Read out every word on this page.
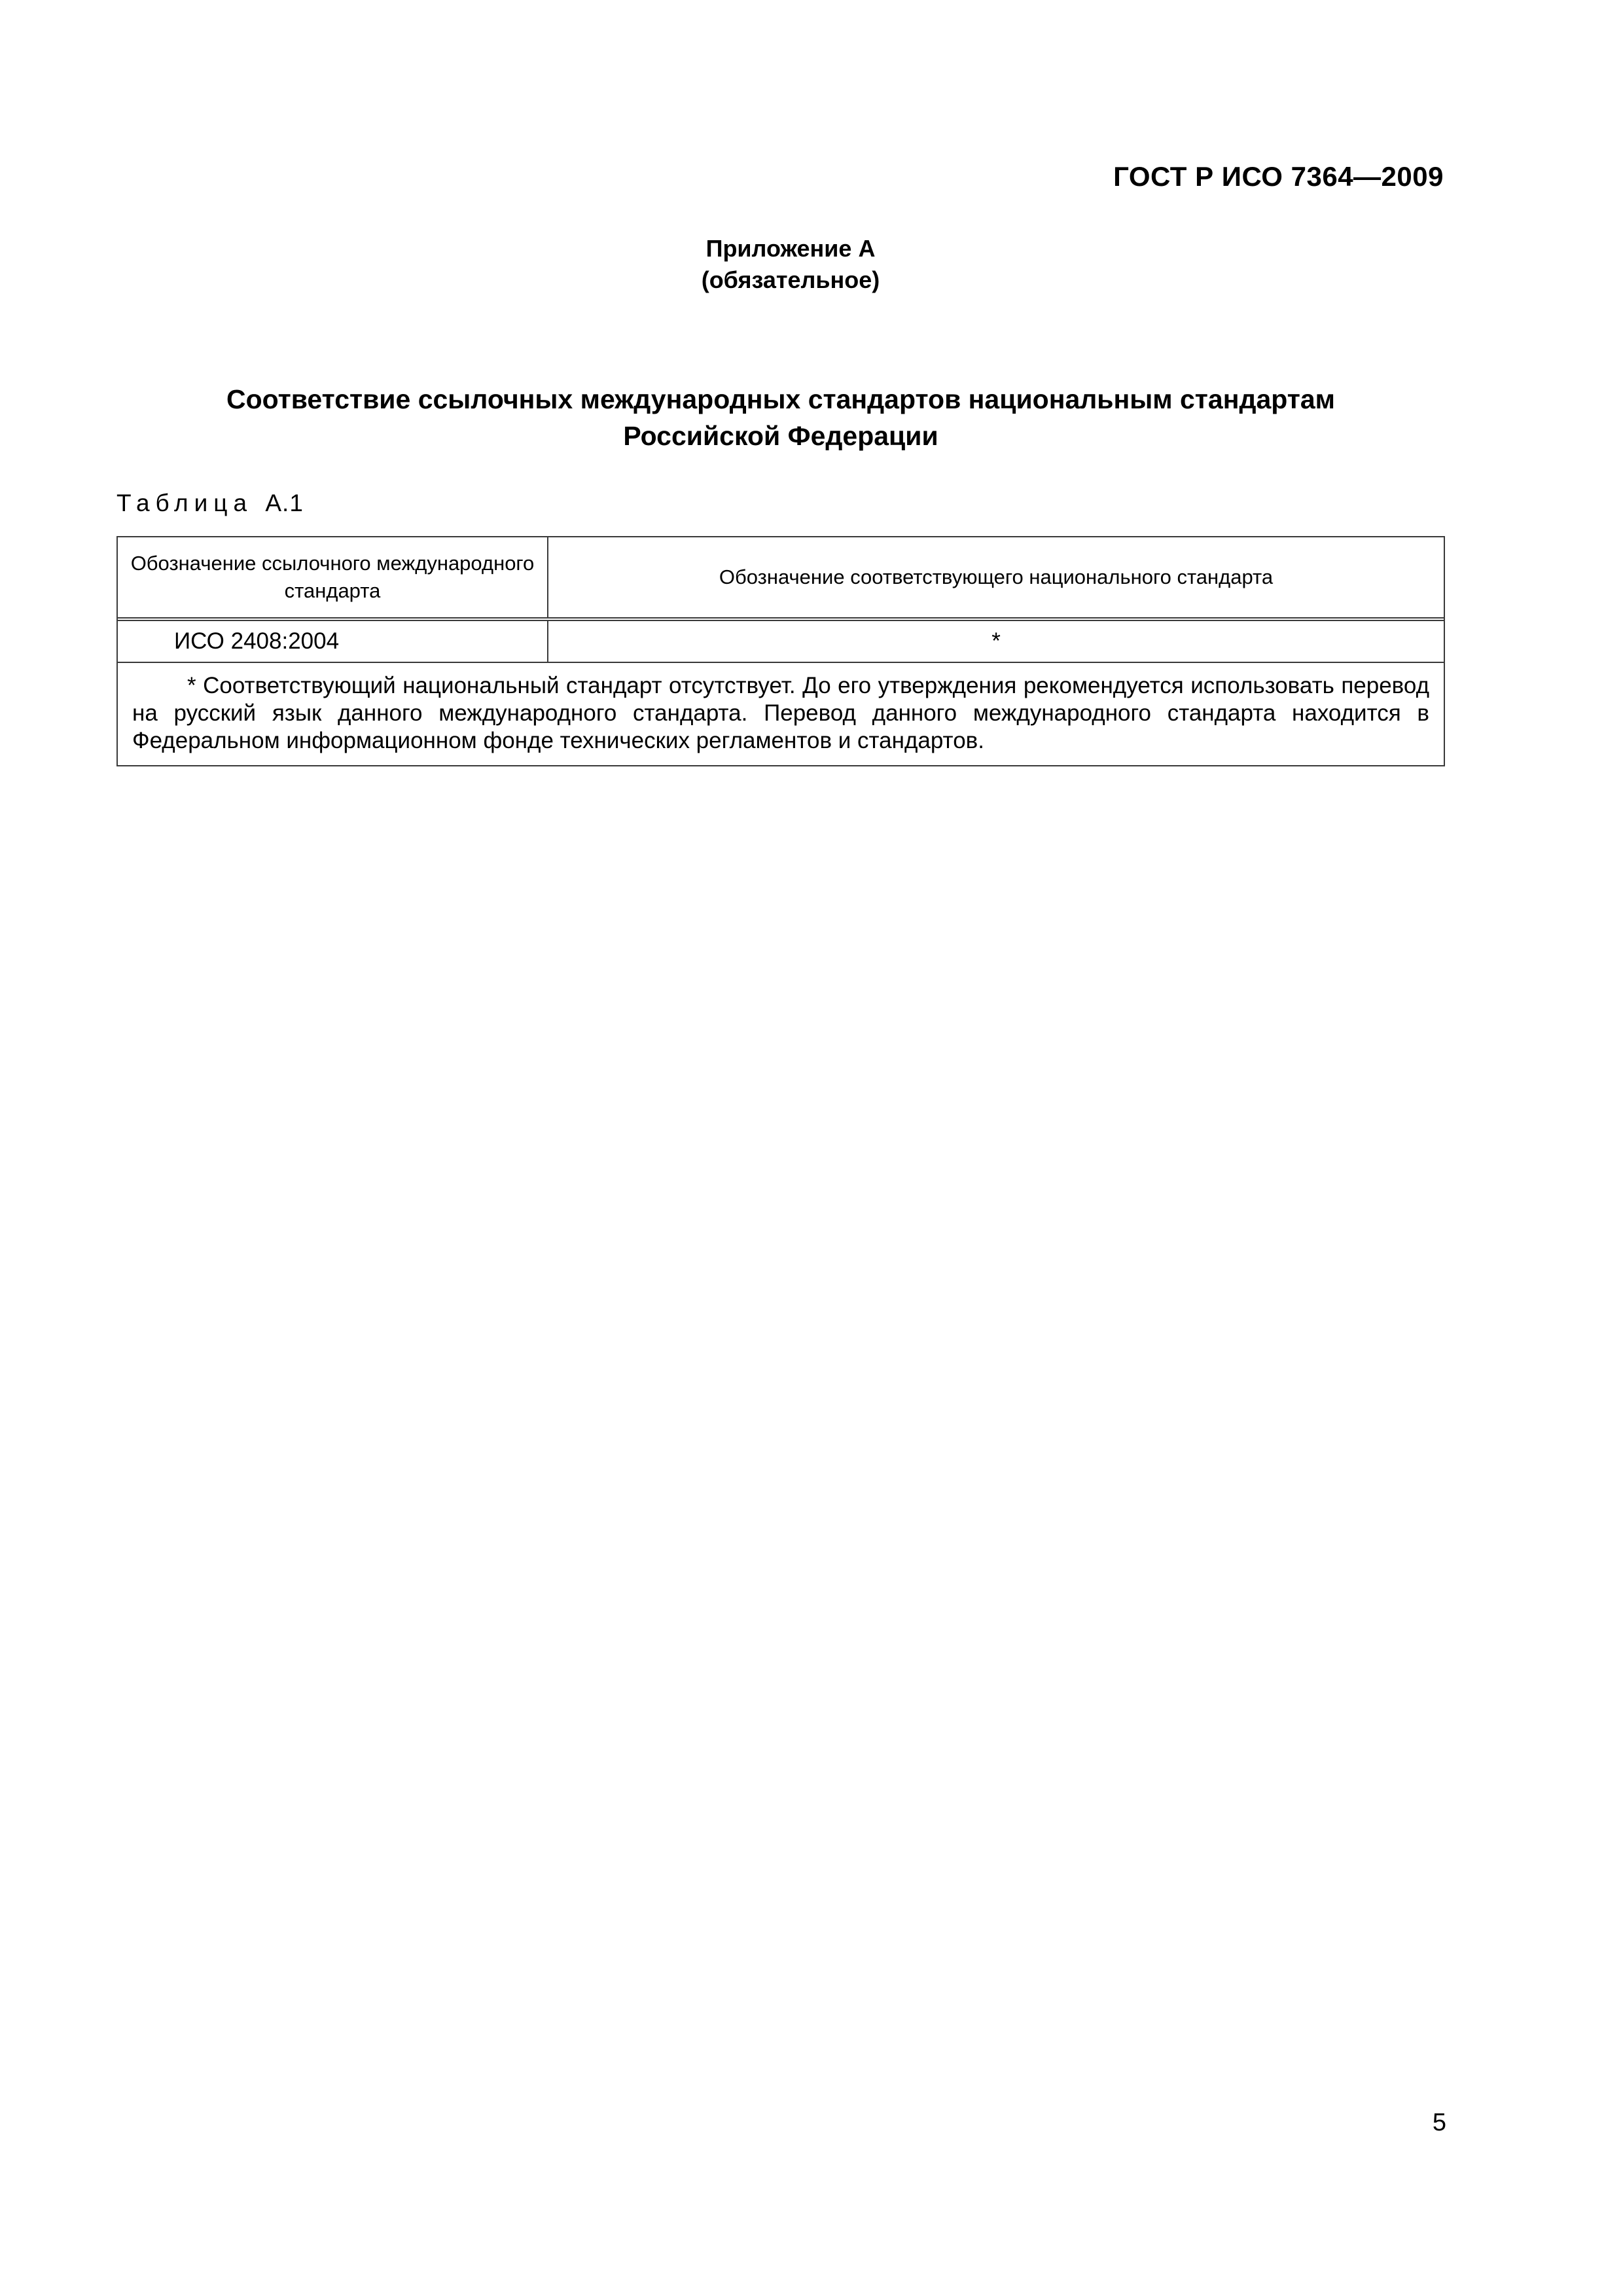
ГОСТ Р ИСО 7364—2009
Приложение А
(обязательное)
Соответствие ссылочных международных стандартов национальным стандартам
Российской Федерации
Таблица А.1
Обозначение ссылочного международного стандарта
Обозначение соответствующего национального стандарта
ИСО 2408:2004	*
* Соответствующий национальный стандарт отсутствует. До его утверждения рекомендуется использовать перевод на русский язык данного международного стандарта. Перевод данного международного стандарта находится в Федеральном информационном фонде технических регламентов и стандартов.
5
